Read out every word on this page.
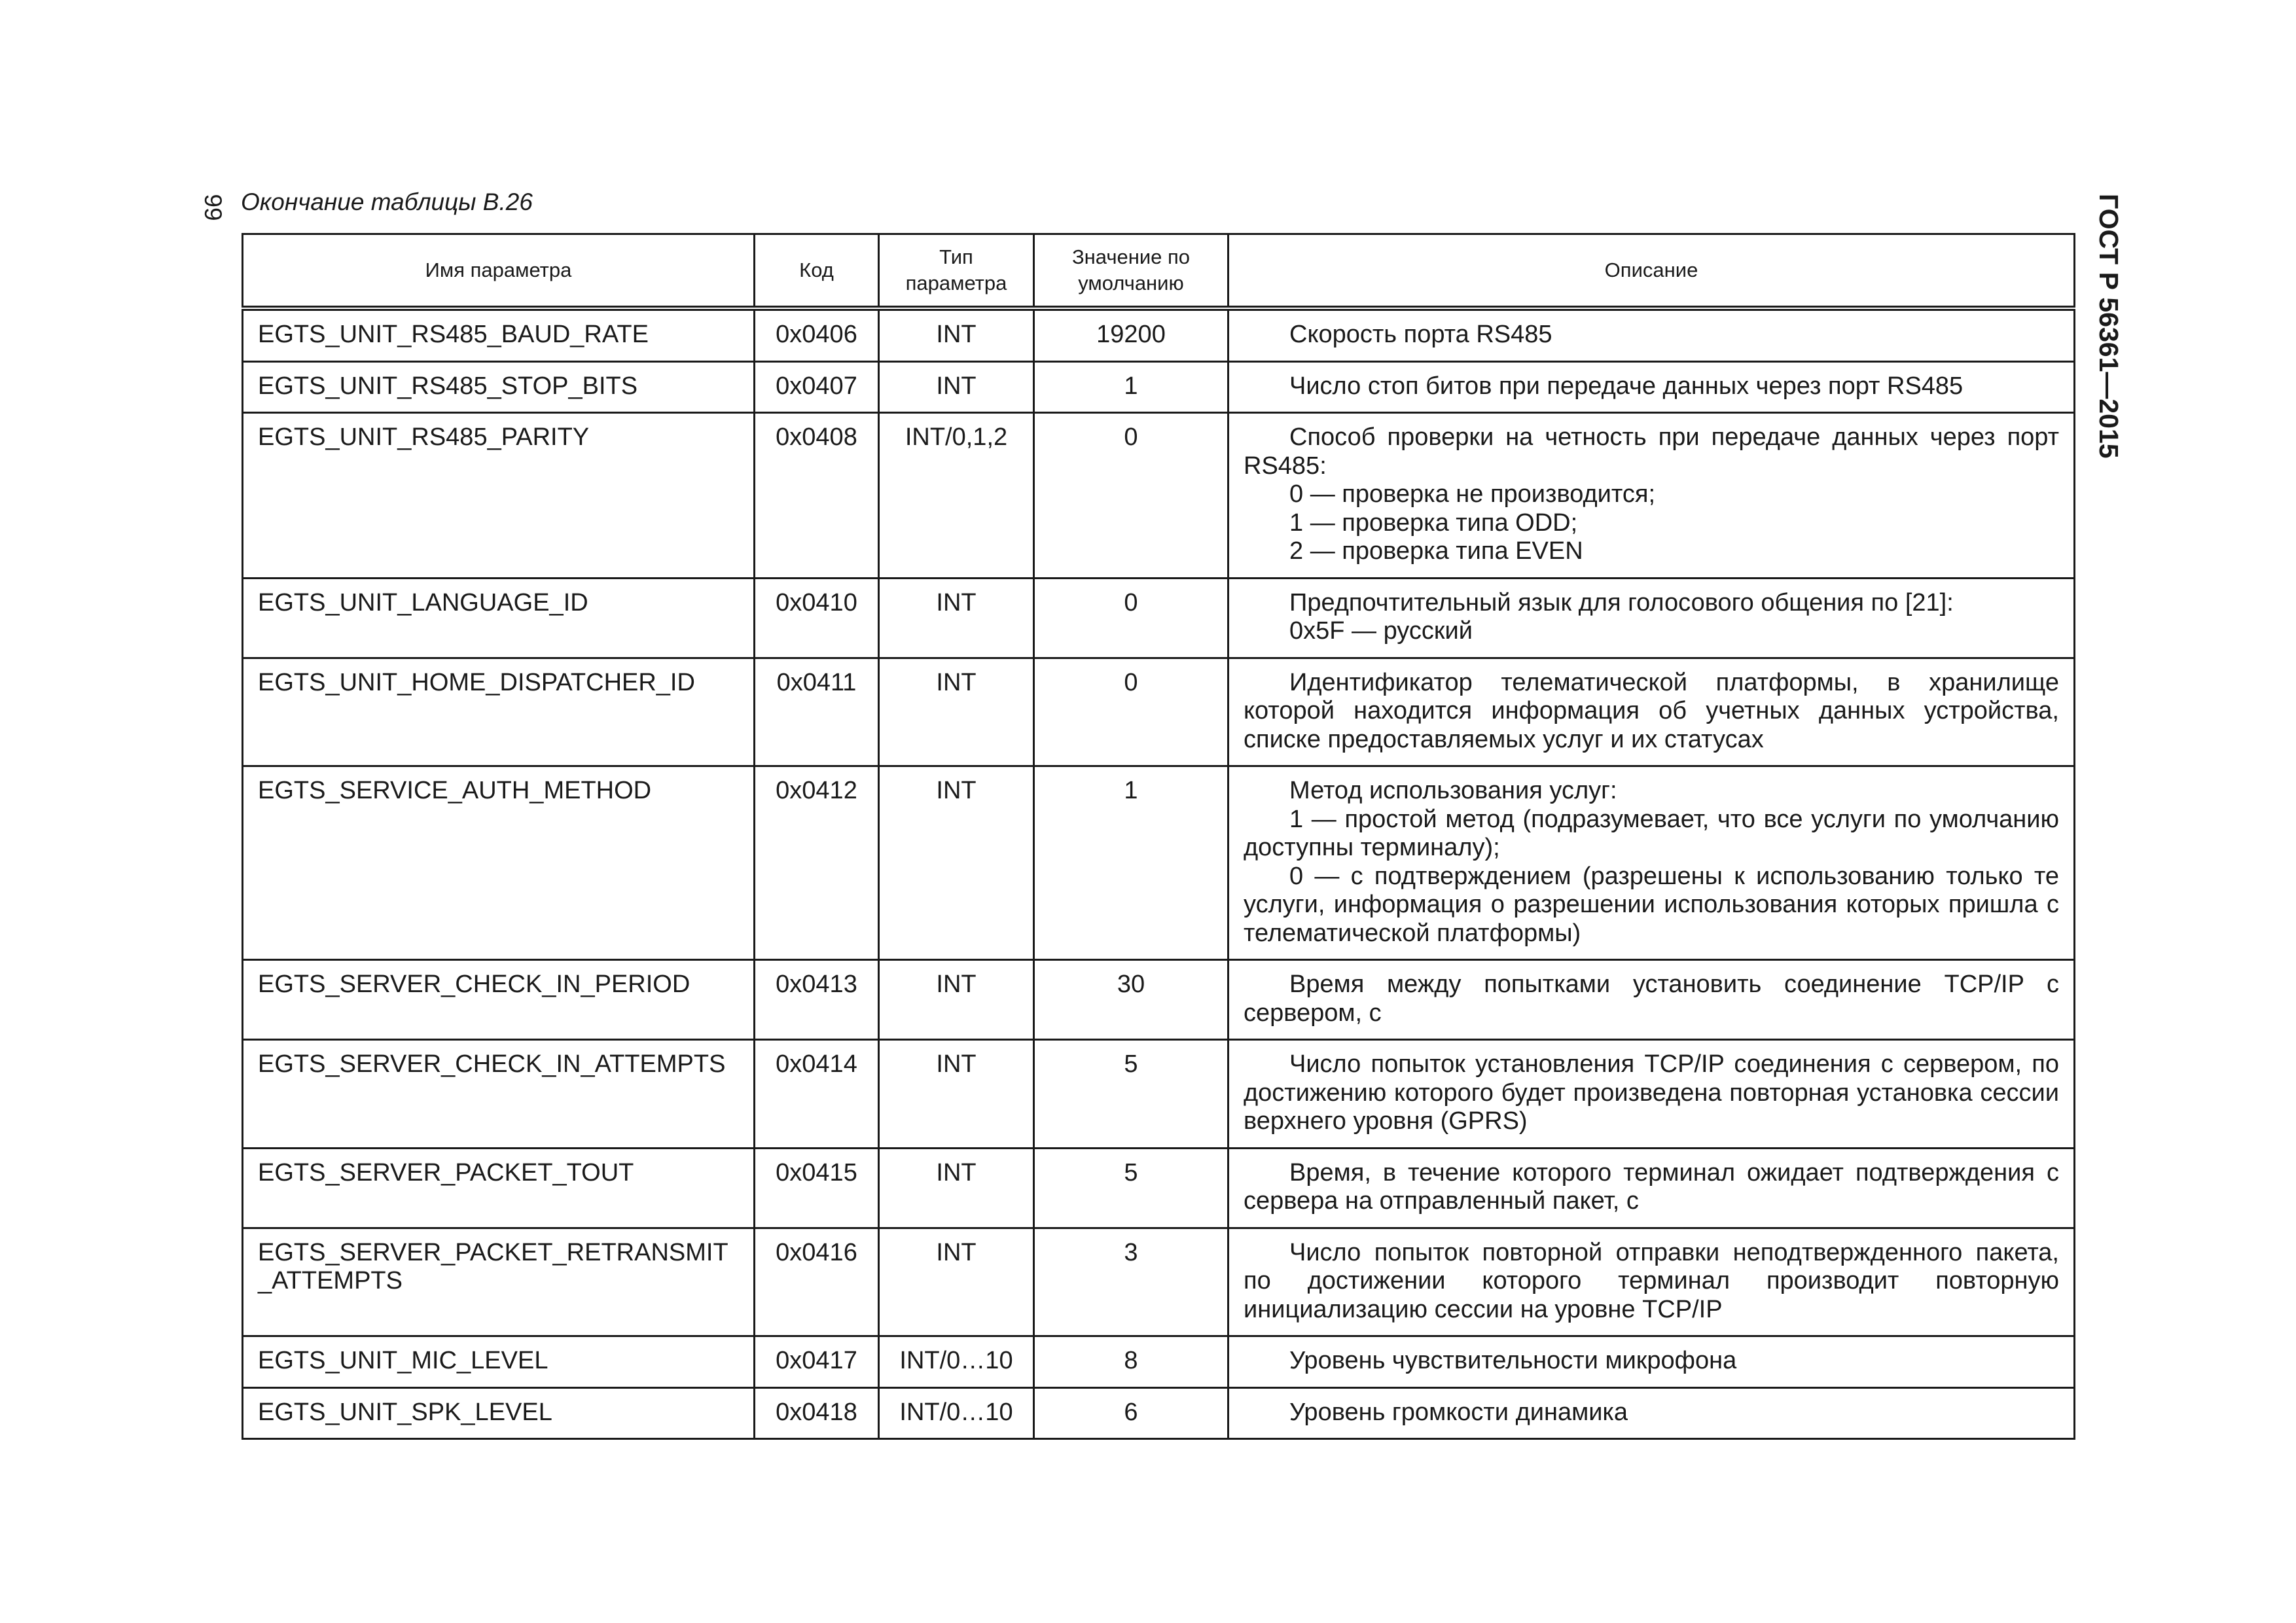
99 Окончание таблицы В.26	ГОСТ Р 56361—2015

Имя параметра	Код	Тип параметра	Значение по умолчанию	Описание
EGTS_UNIT_RS485_BAUD_RATE	0x0406	INT	19200	Скорость порта RS485

EGTS_UNIT_RS485_STOP_BITS	0x0407	INT	1	Число стоп битов при передаче данных через порт RS485

EGTS_UNIT_RS485_PARITY	0x0408	INT/0,1,2	0	Способ проверки на четность при передаче данных через порт RS485:

0 — проверка не производится;

1 — проверка типа ODD;

2 — проверка типа EVEN

EGTS_UNIT_LANGUAGE_ID	0x0410	INT	0	Предпочтительный язык для голосового общения по [21]:

0x5F — русский

EGTS_UNIT_HOME_DISPATCHER_ID	0x0411	INT	0	Идентификатор телематической платформы, в хранилище которой находится информация об учетных данных устройства, списке предоставляемых услуг и их статусах

EGTS_SERVICE_AUTH_METHOD	0x0412	INT	1	Метод использования услуг:

1 — простой метод (подразумевает, что все услуги по умолчанию доступны терминалу);

0 — с подтверждением (разрешены к использованию только те услуги, информация о разрешении использования которых пришла с телематической платформы)

EGTS_SERVER_CHECK_IN_PERIOD	0x0413	INT	30	Время между попытками установить соединение TCP/IP с сервером, с

EGTS_SERVER_CHECK_IN_ATTEMPTS	0x0414	INT	5	Число попыток установления TCP/IP соединения с сервером, по достижению которого будет произведена повторная установка сессии верхнего уровня (GPRS)

EGTS_SERVER_PACKET_TOUT	0x0415	INT	5	Время, в течение которого терминал ожидает подтверждения с сервера на отправленный пакет, с

EGTS_SERVER_PACKET_RETRANSMIT_ATTEMPTS	0x0416	INT	3	Число попыток повторной отправки неподтвержденного пакета, по достижении которого терминал производит повторную инициализацию сессии на уровне TCP/IP

EGTS_UNIT_MIC_LEVEL	0x0417	INT/0…10	8	Уровень чувствительности микрофона

EGTS_UNIT_SPK_LEVEL	0x0418	INT/0…10	6	Уровень громкости динамика
